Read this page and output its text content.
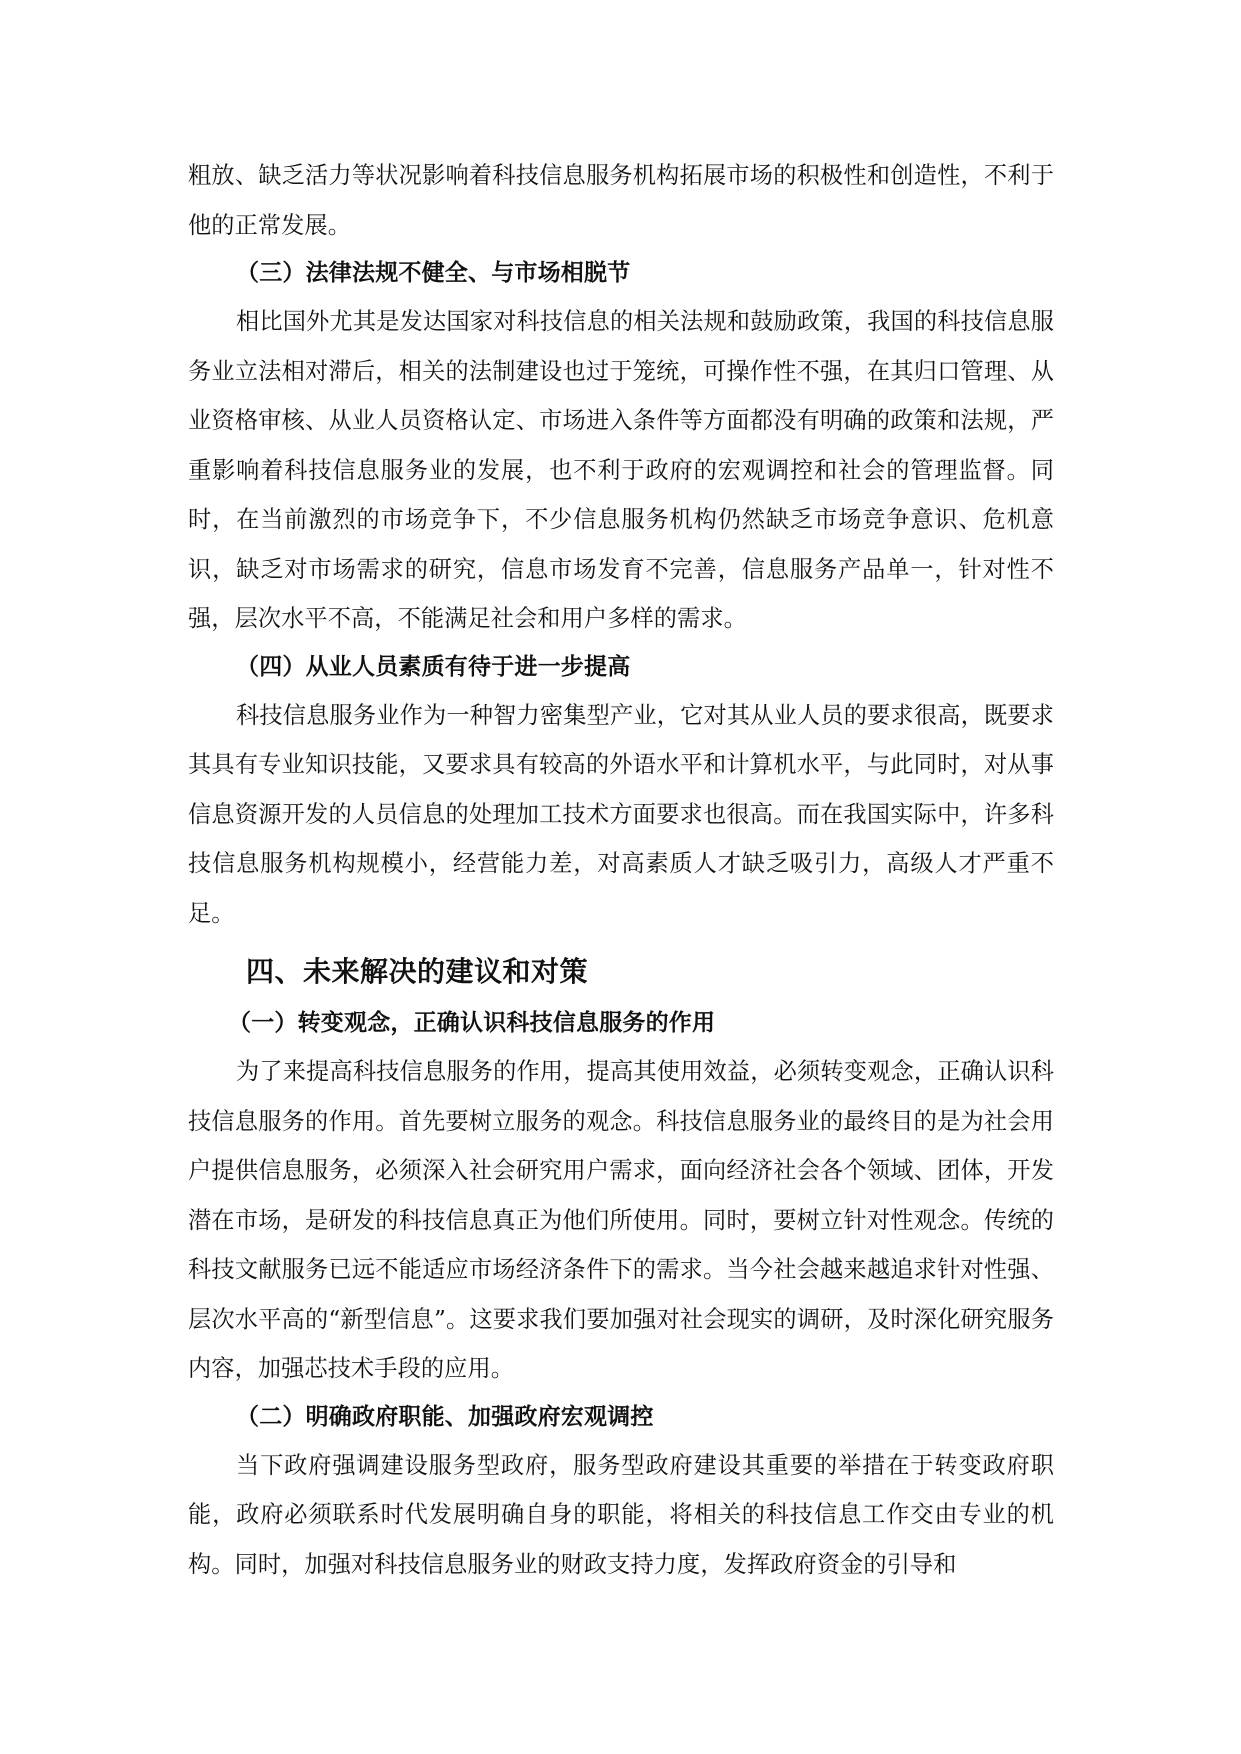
粗放、缺乏活力等状况影响着科技信息服务机构拓展市场的积极性和创造性，不利于他的正常发展。

（三）法律法规不健全、与市场相脱节

相比国外尤其是发达国家对科技信息的相关法规和鼓励政策，我国的科技信息服务业立法相对滞后，相关的法制建设也过于笼统，可操作性不强，在其归口管理、从业资格审核、从业人员资格认定、市场进入条件等方面都没有明确的政策和法规，严重影响着科技信息服务业的发展，也不利于政府的宏观调控和社会的管理监督。同时，在当前激烈的市场竞争下，不少信息服务机构仍然缺乏市场竞争意识、危机意识，缺乏对市场需求的研究，信息市场发育不完善，信息服务产品单一，针对性不强，层次水平不高，不能满足社会和用户多样的需求。

（四）从业人员素质有待于进一步提高

科技信息服务业作为一种智力密集型产业，它对其从业人员的要求很高，既要求其具有专业知识技能，又要求具有较高的外语水平和计算机水平，与此同时，对从事信息资源开发的人员信息的处理加工技术方面要求也很高。而在我国实际中，许多科技信息服务机构规模小，经营能力差，对高素质人才缺乏吸引力，高级人才严重不足。

四、未来解决的建议和对策
（一）转变观念，正确认识科技信息服务的作用

为了来提高科技信息服务的作用，提高其使用效益，必须转变观念，正确认识科技信息服务的作用。首先要树立服务的观念。科技信息服务业的最终目的是为社会用户提供信息服务，必须深入社会研究用户需求，面向经济社会各个领域、团体，开发潜在市场，是研发的科技信息真正为他们所使用。同时，要树立针对性观念。传统的科技文献服务已远不能适应市场经济条件下的需求。当今社会越来越追求针对性强、层次水平高的“新型信息”。这要求我们要加强对社会现实的调研，及时深化研究服务内容，加强芯技术手段的应用。

（二）明确政府职能、加强政府宏观调控

当下政府强调建设服务型政府，服务型政府建设其重要的举措在于转变政府职能，政府必须联系时代发展明确自身的职能，将相关的科技信息工作交由专业的机构。同时，加强对科技信息服务业的财政支持力度，发挥政府资金的引导和
